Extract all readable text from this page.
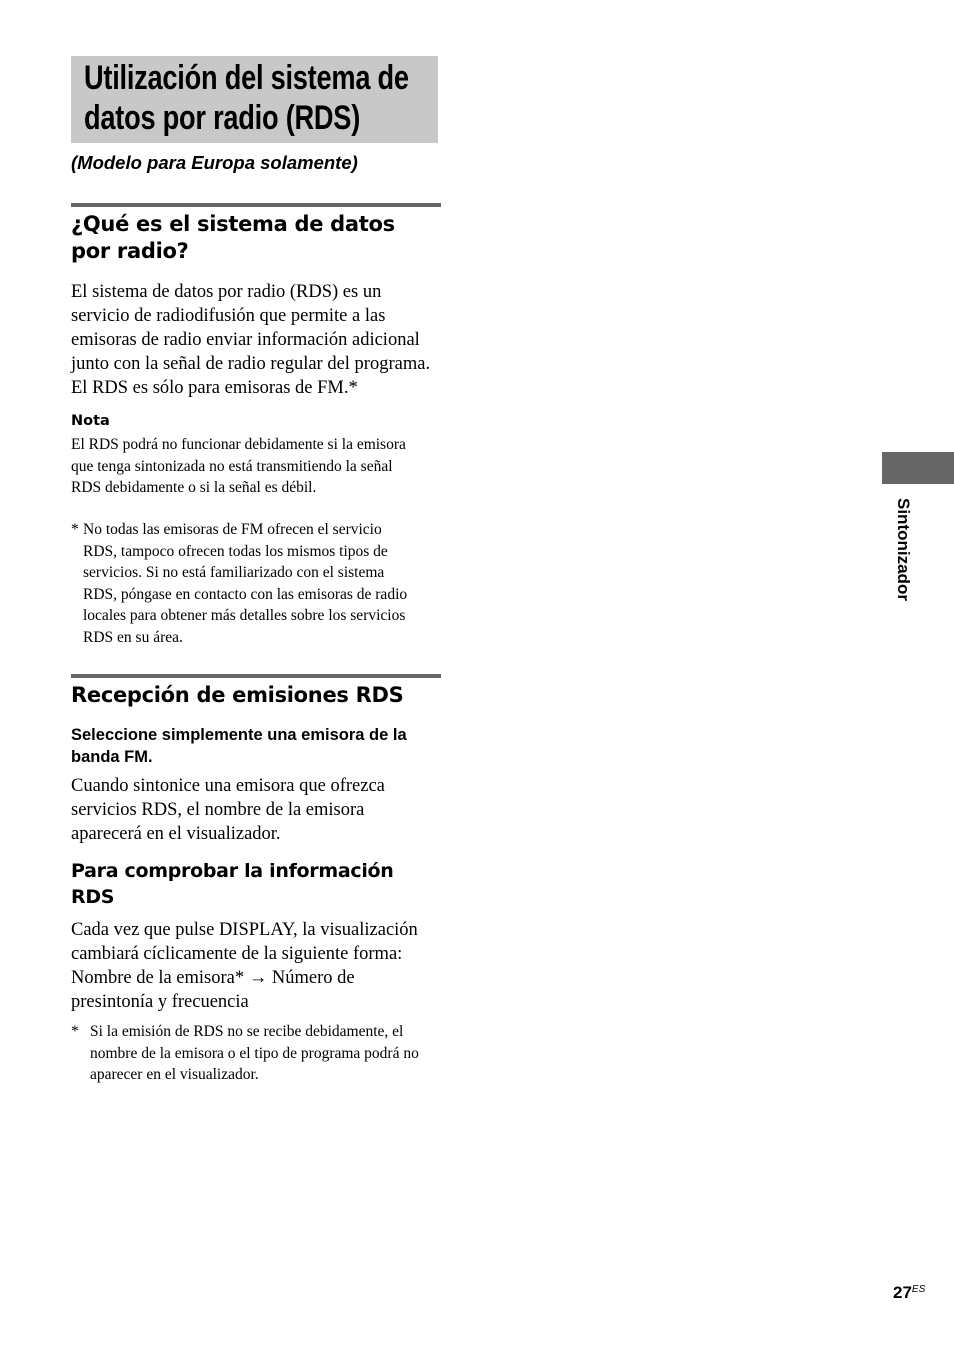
Utilización del sistema de
datos por radio (RDS)
(Modelo para Europa solamente)
¿Qué es el sistema de datos
por radio?
El sistema de datos por radio (RDS) es un
servicio de radiodifusión que permite a las
emisoras de radio enviar información adicional
junto con la señal de radio regular del programa.
El RDS es sólo para emisoras de FM.*
Nota
El RDS podrá no funcionar debidamente si la emisora
que tenga sintonizada no está transmitiendo la señal
RDS debidamente o si la señal es débil.
* No todas las emisoras de FM ofrecen el servicio
RDS, tampoco ofrecen todas los mismos tipos de
servicios. Si no está familiarizado con el sistema
RDS, póngase en contacto con las emisoras de radio
locales para obtener más detalles sobre los servicios
RDS en su área.
Recepción de emisiones RDS
Seleccione simplemente una emisora de la
banda FM.
Cuando sintonice una emisora que ofrezca
servicios RDS, el nombre de la emisora
aparecerá en el visualizador.
Para comprobar la información
RDS
Cada vez que pulse DISPLAY, la visualización
cambiará cíclicamente de la siguiente forma:
Nombre de la emisora* → Número de
presintonía y frecuencia
* Si la emisión de RDS no se recibe debidamente, el
nombre de la emisora o el tipo de programa podrá no
aparecer en el visualizador.
Sintonizador
$27^{ES}$
